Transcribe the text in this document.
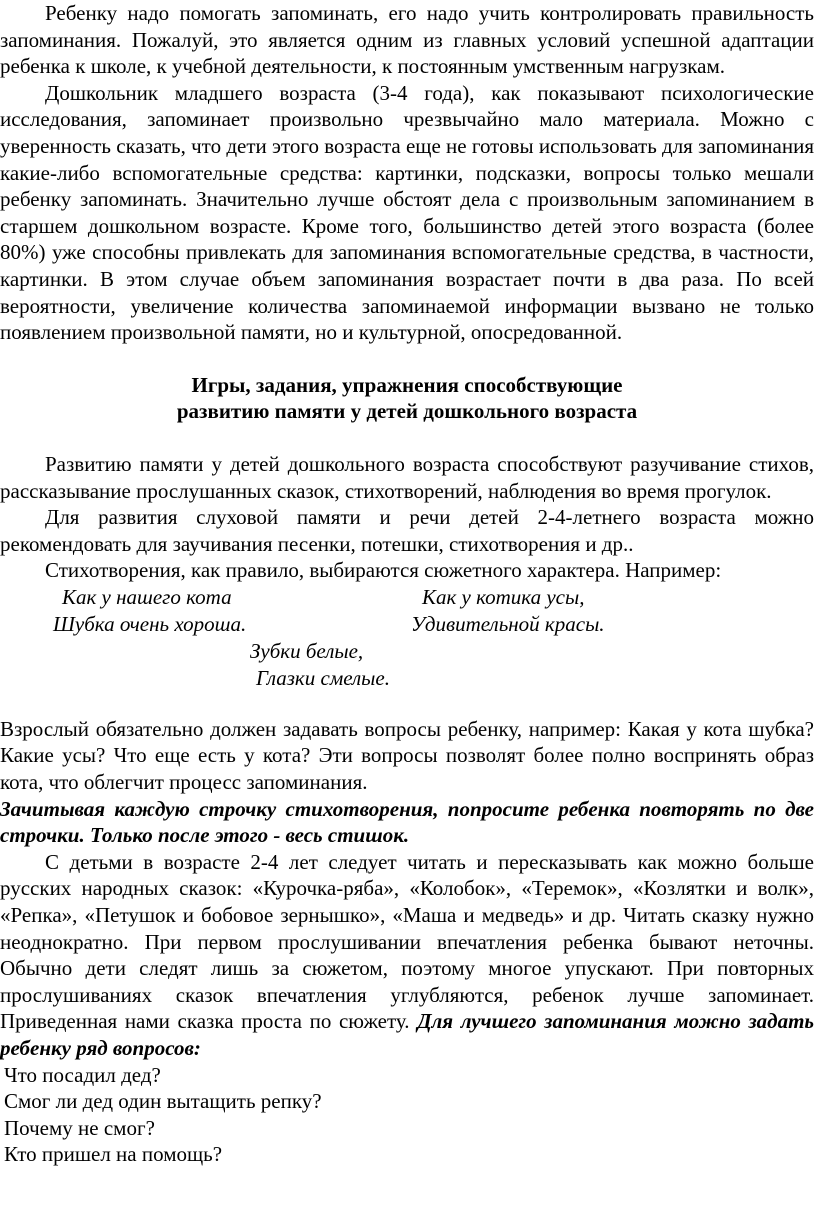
Ребенку надо помогать запоминать, его надо учить контролировать правильность запоминания. Пожалуй, это является одним из главных условий успешной адаптации ребенка к школе, к учебной деятельности, к постоянным умственным нагрузкам.

Дошкольник младшего возраста (3-4 года), как показывают психологические исследования, запоминает произвольно чрезвычайно мало материала. Можно с уверенность сказать, что дети этого возраста еще не готовы использовать для запоминания какие-либо вспомогательные средства: картинки, подсказки, вопросы только мешали ребенку запоминать. Значительно лучше обстоят дела с произвольным запоминанием в старшем дошкольном возрасте. Кроме того, большинство детей этого возраста (более 80%) уже способны привлекать для запоминания вспомогательные средства, в частности, картинки. В этом случае объем запоминания возрастает почти в два раза. По всей вероятности, увеличение количества запоминаемой информации вызвано не только появлением произвольной памяти, но и культурной, опосредованной.

Игры, задания, упражнения способствующие

развитию памяти у детей дошкольного возраста

Развитию памяти у детей дошкольного возраста способствуют разучивание стихов, рассказывание прослушанных сказок, стихотворений, наблюдения во время прогулок.

Для развития слуховой памяти и речи детей 2-4-летнего возраста можно рекомендовать для заучивания песенки, потешки, стихотворения и др..

Стихотворения, как правило, выбираются сюжетного характера. Например:

Как у нашего кота
Шубка очень хороша.
Как у котика усы,
Удивительной красы.
Зубки белые,
Глазки смелые.

Взрослый обязательно должен задавать вопросы ребенку, например: Какая у кота шубка? Какие усы? Что еще есть у кота? Эти вопросы позволят более полно воспринять образ кота, что облегчит процесс запоминания.

Зачитывая каждую строчку стихотворения, попросите ребенка повторять по две строчки. Только после этого - весь стишок.

С детьми в возрасте 2-4 лет следует читать и пересказывать как можно больше русских народных сказок: «Курочка-ряба», «Колобок», «Теремок», «Козлятки и волк», «Репка», «Петушок и бобовое зернышко», «Маша и медведь» и др. Читать сказку нужно неоднократно. При первом прослушивании впечатления ребенка бывают неточны. Обычно дети следят лишь за сюжетом, поэтому многое упускают. При повторных прослушиваниях сказок впечатления углубляются, ребенок лучше запоминает. Приведенная нами сказка проста по сюжету. Для лучшего запоминания можно задать ребенку ряд вопросов:

Что посадил дед?

Смог ли дед один вытащить репку?

Почему не смог?

Кто пришел на помощь?
